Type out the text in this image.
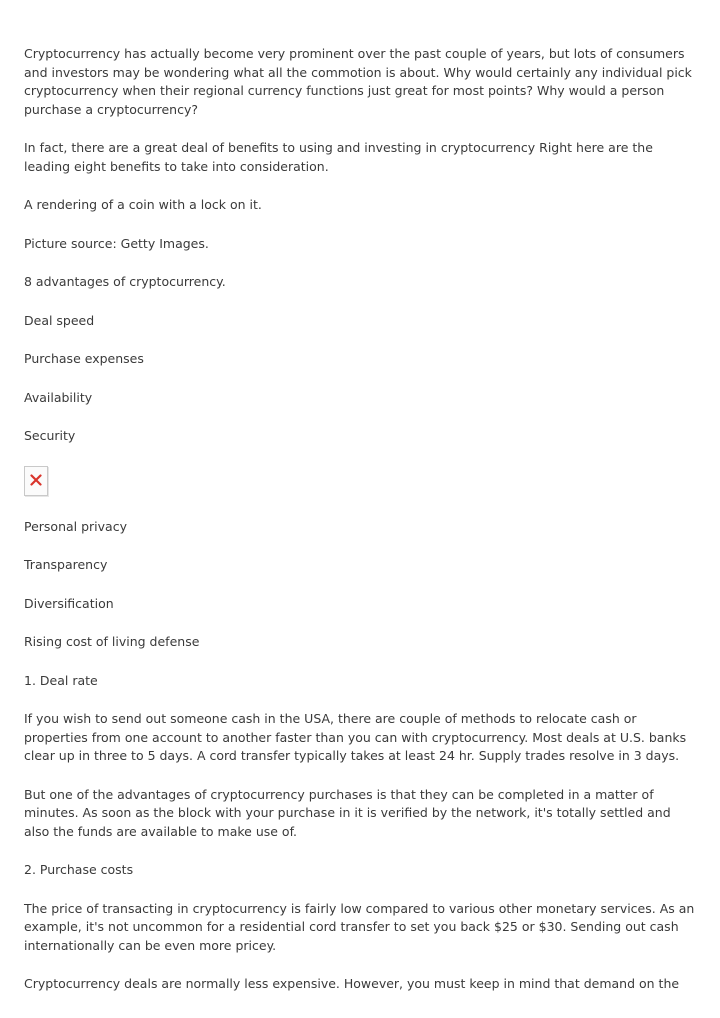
Cryptocurrency has actually become very prominent over the past couple of years, but lots of consumers and investors may be wondering what all the commotion is about. Why would certainly any individual pick cryptocurrency when their regional currency functions just great for most points? Why would a person purchase a cryptocurrency?

In fact, there are a great deal of benefits to using and investing in cryptocurrency Right here are the leading eight benefits to take into consideration.

A rendering of a coin with a lock on it.

Picture source: Getty Images.

8 advantages of cryptocurrency.

Deal speed

Purchase expenses

Availability

Security

Personal privacy

Transparency

Diversification

Rising cost of living defense

1. Deal rate

If you wish to send out someone cash in the USA, there are couple of methods to relocate cash or properties from one account to another faster than you can with cryptocurrency. Most deals at U.S. banks clear up in three to 5 days. A cord transfer typically takes at least 24 hr. Supply trades resolve in 3 days.

But one of the advantages of cryptocurrency purchases is that they can be completed in a matter of minutes. As soon as the block with your purchase in it is verified by the network, it's totally settled and also the funds are available to make use of.

2. Purchase costs

The price of transacting in cryptocurrency is fairly low compared to various other monetary services. As an example, it's not uncommon for a residential cord transfer to set you back $25 or $30. Sending out cash internationally can be even more pricey.

Cryptocurrency deals are normally less expensive. However, you must keep in mind that demand on the
